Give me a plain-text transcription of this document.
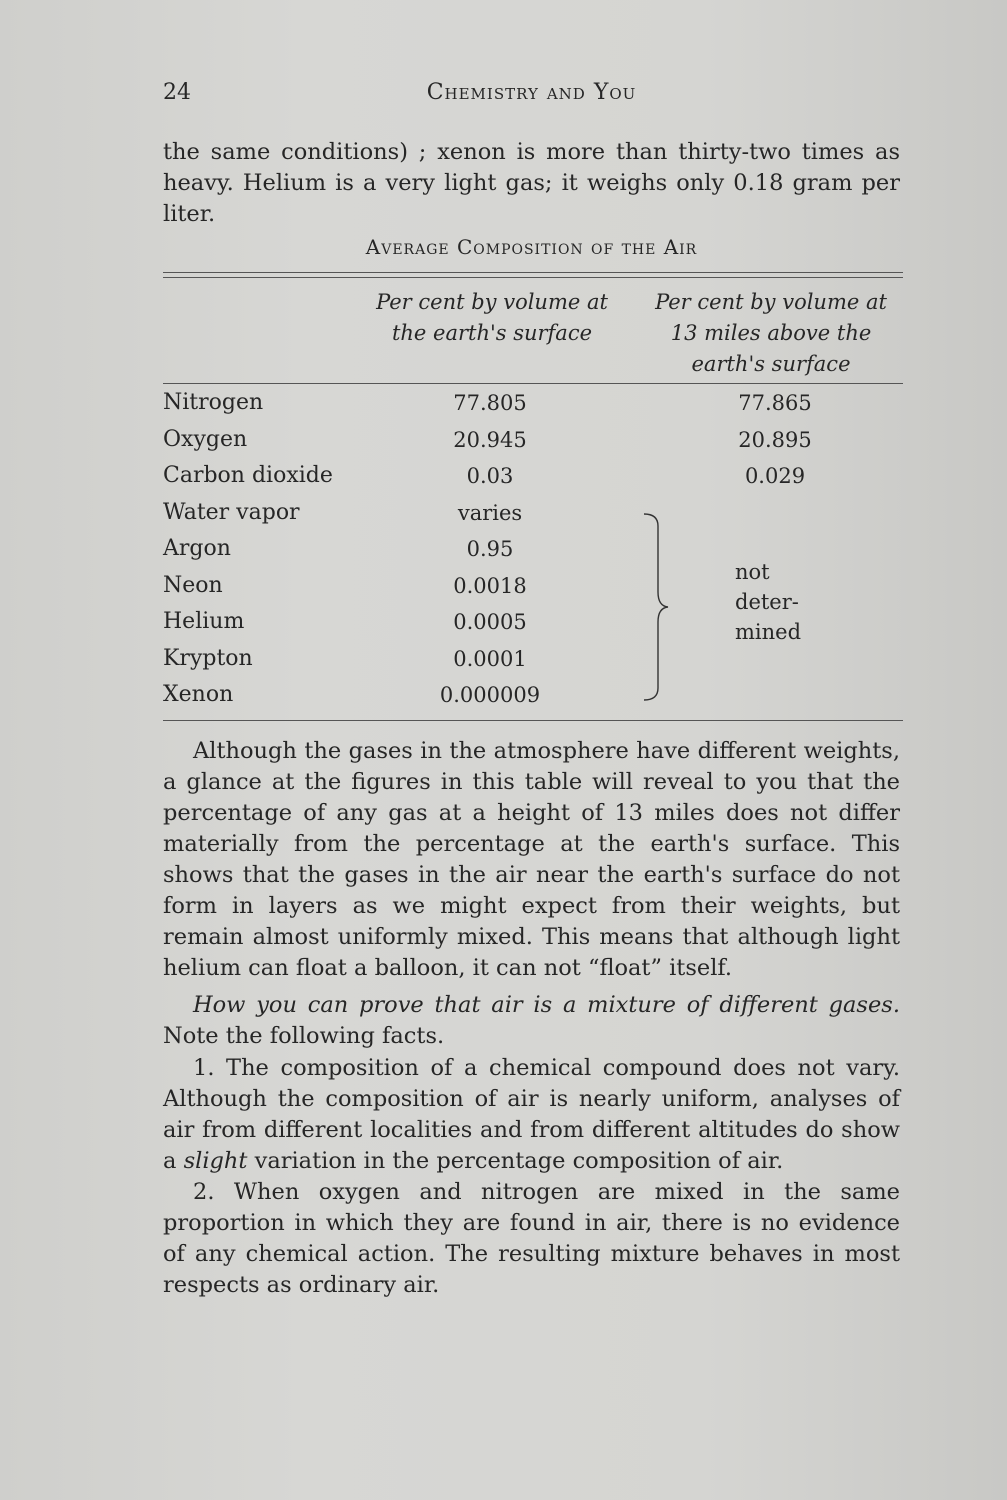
24	Chemistry and You

the same conditions) ; xenon is more than thirty-two times as heavy. Helium is a very light gas; it weighs only 0.18 gram per liter.

Average Composition of the Air
Per cent by volume at the earth's surface
Per cent by volume at 13 miles above the earth's surface
Nitrogen	77.805	77.865
Oxygen	20.945	20.895
Carbon dioxide	0.03	0.029
Water vapor	varies
Argon	0.95
Neon	0.0018
Helium	0.0005
Krypton	0.0001
Xenon	0.000009
not deter- mined

Although the gases in the atmosphere have different weights, a glance at the figures in this table will reveal to you that the percentage of any gas at a height of 13 miles does not differ materially from the percentage at the earth's surface. This shows that the gases in the air near the earth's surface do not form in layers as we might expect from their weights, but remain almost uniformly mixed. This means that although light helium can float a balloon, it can not “float” itself.

How you can prove that air is a mixture of different gases. Note the following facts.

1. The composition of a chemical compound does not vary. Although the composition of air is nearly uniform, analyses of air from different localities and from different altitudes do show a slight variation in the percentage composition of air.

2. When oxygen and nitrogen are mixed in the same proportion in which they are found in air, there is no evidence of any chemical action. The resulting mixture behaves in most respects as ordinary air.
